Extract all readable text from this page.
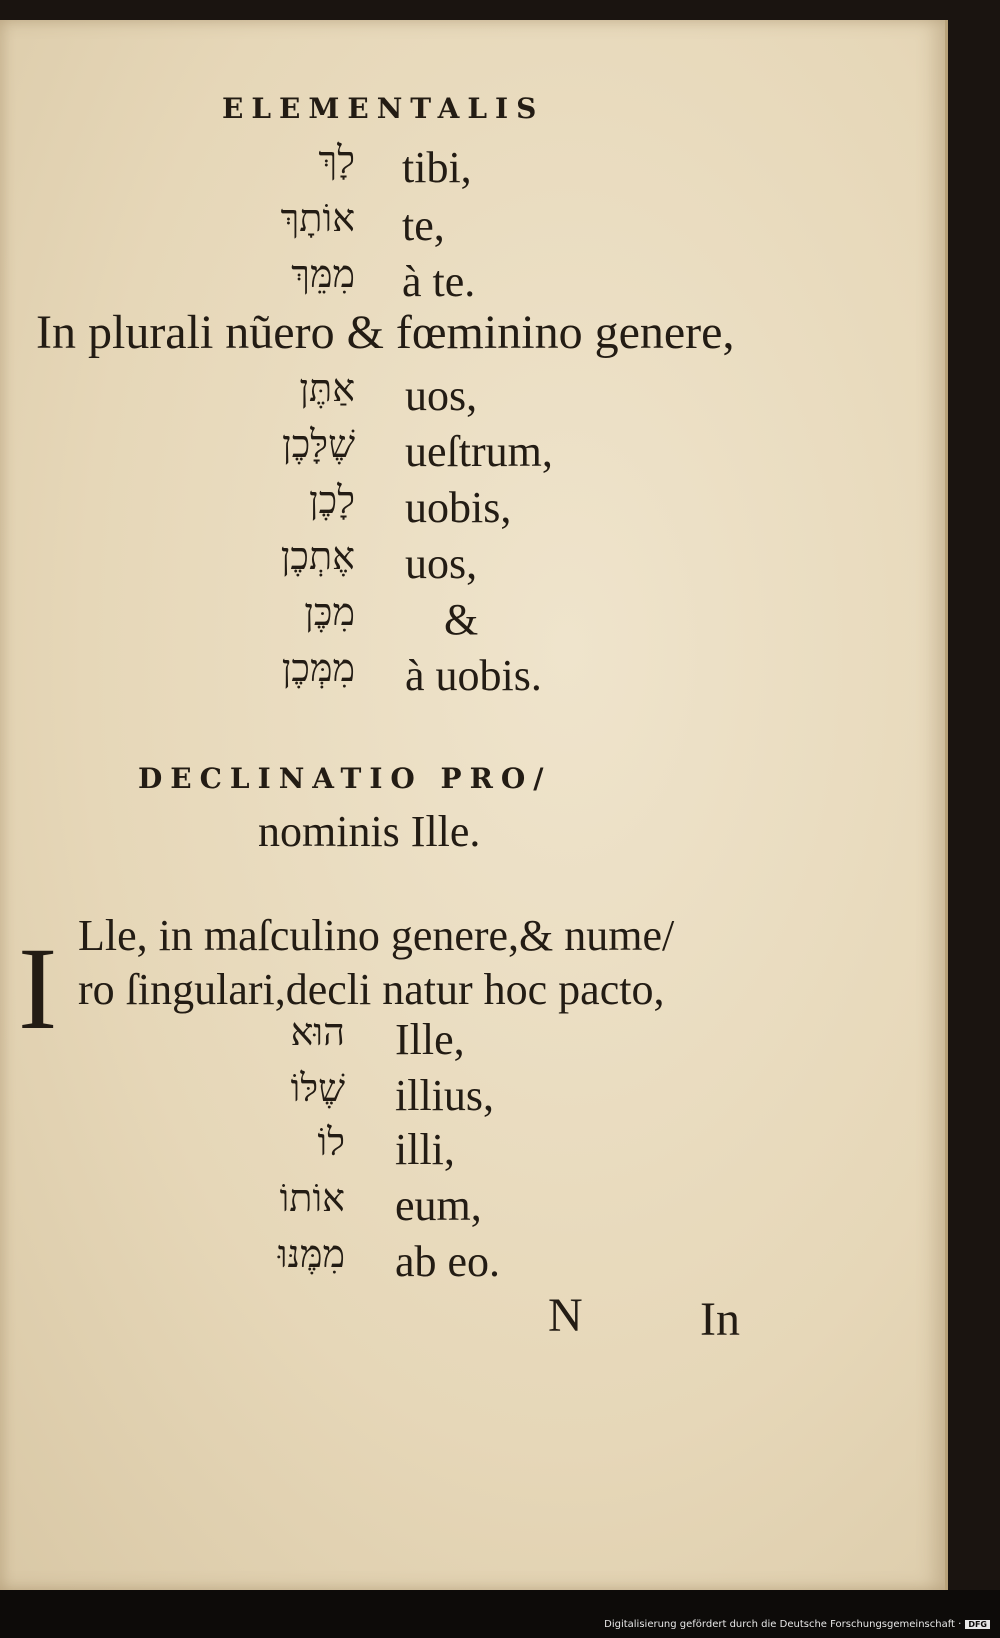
ELEMENTALIS
לָךְ tibi,
אוֹתָךְ te,
מִמֵּךְ à te.
In plurali nũero & fœminino genere,
אַתֶּן uos,
שֶׁלָּכֶן ueſtrum,
לָכֶן uobis,
אֶתְכֶן uos,
מִכֶּן &
מִמְּכֶן à uobis.
DECLINATIO PRO/
nominis Ille.
I Lle, in maſculino genere,& nume/
ro ſingulari,decli natur hoc pacto,
הוּא Ille,
שֶׁלּוֹ illius,
לוֹ illi,
אוֹתוֹ eum,
מִמֶּנּוּ ab eo.
N In
Digitalisierung gefördert durch die Deutsche Forschungsgemeinschaft · DFG
